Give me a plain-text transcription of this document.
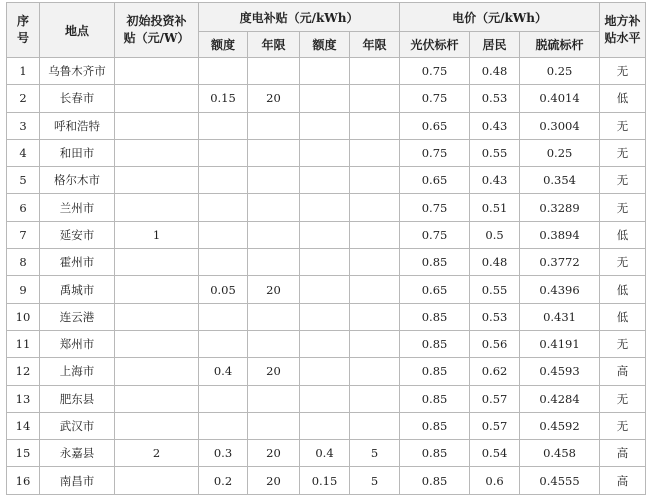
序号	地点	初始投资补贴（元/W）	度电补贴（元/kWh）				电价（元/kWh）			地方补贴水平
			额度	年限	额度	年限	光伏标杆	居民	脱硫标杆	
1	乌鲁木齐市						0.75	0.48	0.25	无
2	长春市		0.15	20			0.75	0.53	0.4014	低
3	呼和浩特						0.65	0.43	0.3004	无
4	和田市						0.75	0.55	0.25	无
5	格尔木市						0.65	0.43	0.354	无
6	兰州市						0.75	0.51	0.3289	无
7	延安市	1					0.75	0.5	0.3894	低
8	霍州市						0.85	0.48	0.3772	无
9	禹城市		0.05	20			0.65	0.55	0.4396	低
10	连云港						0.85	0.53	0.431	低
11	郑州市						0.85	0.56	0.4191	无
12	上海市		0.4	20			0.85	0.62	0.4593	高
13	肥东县						0.85	0.57	0.4284	无
14	武汉市						0.85	0.57	0.4592	无
15	永嘉县	2	0.3	20	0.4	5	0.85	0.54	0.458	高
16	南昌市		0.2	20	0.15	5	0.85	0.6	0.4555	高
